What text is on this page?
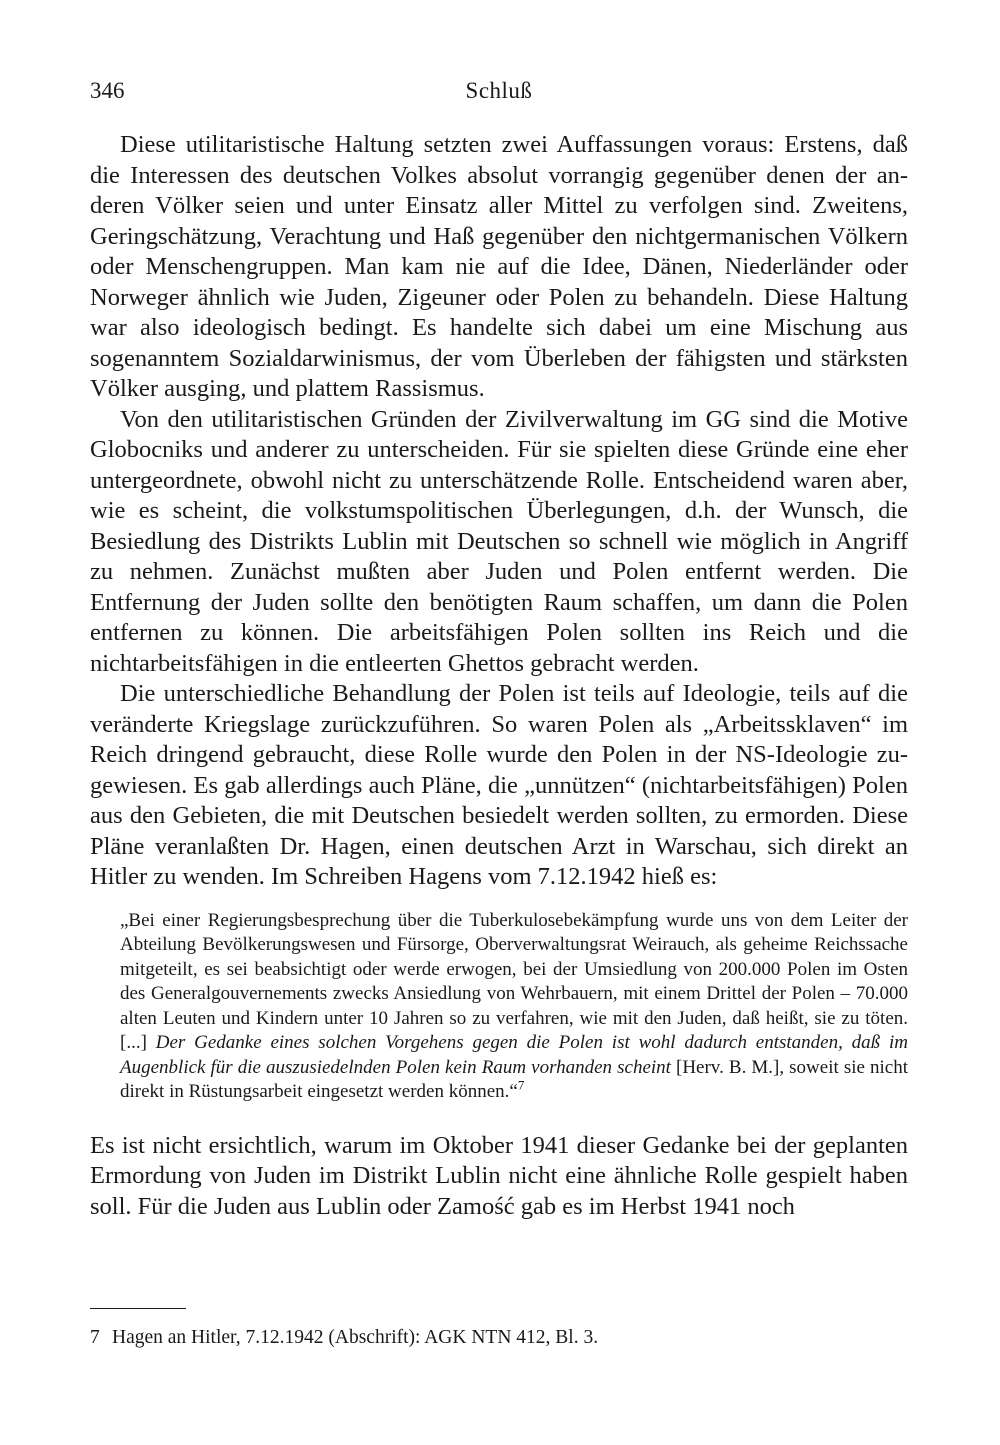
346	Schluß

Diese utilitaristische Haltung setzten zwei Auffassungen voraus: Erstens, daß die Interessen des deutschen Volkes absolut vorrangig gegenüber denen der anderen Völker seien und unter Einsatz aller Mittel zu verfolgen sind. Zweitens, Geringschätzung, Verachtung und Haß gegenüber den nichtgermanischen Völkern oder Menschengruppen. Man kam nie auf die Idee, Dänen, Niederländer oder Norweger ähnlich wie Juden, Zigeuner oder Polen zu behandeln. Diese Haltung war also ideologisch bedingt. Es handelte sich dabei um eine Mischung aus sogenanntem Sozialdarwinismus, der vom Überleben der fähigsten und stärksten Völker ausging, und plattem Rassismus.

Von den utilitaristischen Gründen der Zivilverwaltung im GG sind die Motive Globocniks und anderer zu unterscheiden. Für sie spielten diese Gründe eine eher untergeordnete, obwohl nicht zu unterschätzende Rolle. Entscheidend waren aber, wie es scheint, die volkstumspolitischen Überlegungen, d.h. der Wunsch, die Besiedlung des Distrikts Lublin mit Deutschen so schnell wie möglich in Angriff zu nehmen. Zunächst mußten aber Juden und Polen entfernt werden. Die Entfernung der Juden sollte den benötigten Raum schaffen, um dann die Polen entfernen zu können. Die arbeitsfähigen Polen sollten ins Reich und die nichtarbeitsfähigen in die entleerten Ghettos gebracht werden.

Die unterschiedliche Behandlung der Polen ist teils auf Ideologie, teils auf die veränderte Kriegslage zurückzuführen. So waren Polen als „Arbeitssklaven“ im Reich dringend gebraucht, diese Rolle wurde den Polen in der NS-Ideologie zugewiesen. Es gab allerdings auch Pläne, die „unnützen“ (nichtarbeitsfähigen) Polen aus den Gebieten, die mit Deutschen besiedelt werden sollten, zu ermorden. Diese Pläne veranlaßten Dr. Hagen, einen deutschen Arzt in Warschau, sich direkt an Hitler zu wenden. Im Schreiben Hagens vom 7.12.1942 hieß es:

„Bei einer Regierungsbesprechung über die Tuberkulosebekämpfung wurde uns von dem Leiter der Abteilung Bevölkerungswesen und Fürsorge, Oberverwaltungsrat Weirauch, als geheime Reichssache mitgeteilt, es sei beabsichtigt oder werde erwogen, bei der Umsiedlung von 200.000 Polen im Osten des Generalgouvernements zwecks Ansiedlung von Wehrbauern, mit einem Drittel der Polen – 70.000 alten Leuten und Kindern unter 10 Jahren so zu verfahren, wie mit den Juden, daß heißt, sie zu töten. [...] Der Gedanke eines solchen Vorgehens gegen die Polen ist wohl dadurch entstanden, daß im Augenblick für die auszusiedelnden Polen kein Raum vorhanden scheint [Herv. B. M.], soweit sie nicht direkt in Rüstungsarbeit eingesetzt werden können.“$^7$

Es ist nicht ersichtlich, warum im Oktober 1941 dieser Gedanke bei der geplanten Ermordung von Juden im Distrikt Lublin nicht eine ähnliche Rolle gespielt haben soll. Für die Juden aus Lublin oder Zamość gab es im Herbst 1941 noch

7 Hagen an Hitler, 7.12.1942 (Abschrift): AGK NTN 412, Bl. 3.
